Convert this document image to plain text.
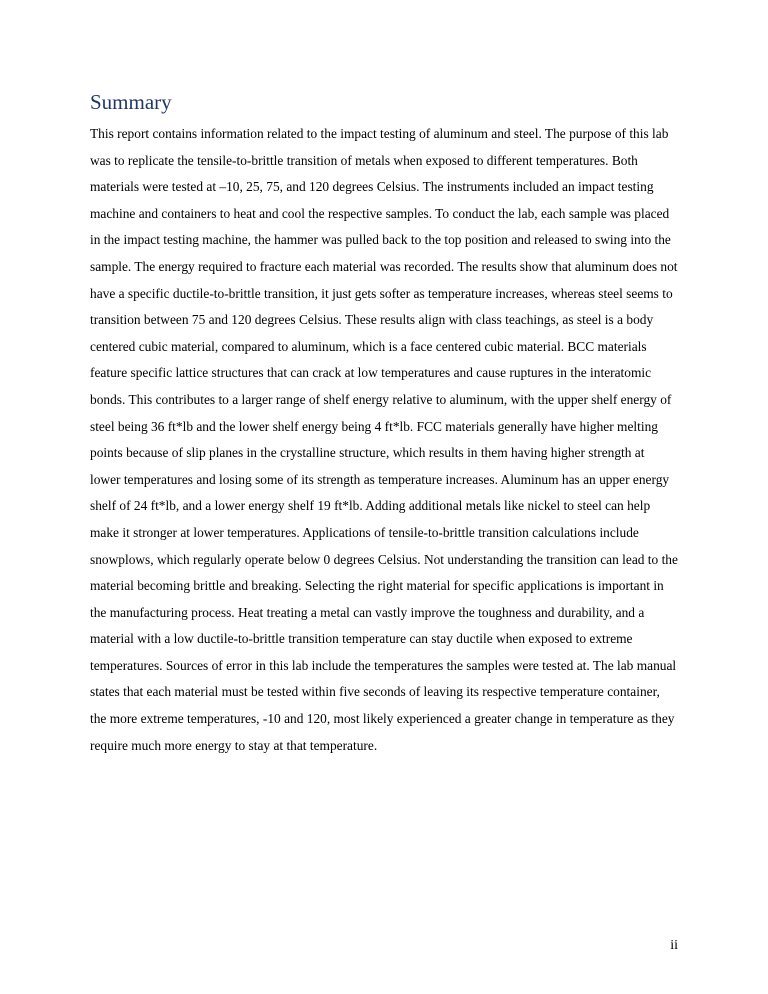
Summary

This report contains information related to the impact testing of aluminum and steel. The purpose of this lab was to replicate the tensile-to-brittle transition of metals when exposed to different temperatures. Both materials were tested at –10, 25, 75, and 120 degrees Celsius. The instruments included an impact testing machine and containers to heat and cool the respective samples. To conduct the lab, each sample was placed in the impact testing machine, the hammer was pulled back to the top position and released to swing into the sample. The energy required to fracture each material was recorded. The results show that aluminum does not have a specific ductile-to-brittle transition, it just gets softer as temperature increases, whereas steel seems to transition between 75 and 120 degrees Celsius. These results align with class teachings, as steel is a body centered cubic material, compared to aluminum, which is a face centered cubic material. BCC materials feature specific lattice structures that can crack at low temperatures and cause ruptures in the interatomic bonds. This contributes to a larger range of shelf energy relative to aluminum, with the upper shelf energy of steel being 36 ft*lb and the lower shelf energy being 4 ft*lb. FCC materials generally have higher melting points because of slip planes in the crystalline structure, which results in them having higher strength at lower temperatures and losing some of its strength as temperature increases. Aluminum has an upper energy shelf of 24 ft*lb, and a lower energy shelf 19 ft*lb. Adding additional metals like nickel to steel can help make it stronger at lower temperatures. Applications of tensile-to-brittle transition calculations include snowplows, which regularly operate below 0 degrees Celsius. Not understanding the transition can lead to the material becoming brittle and breaking. Selecting the right material for specific applications is important in the manufacturing process. Heat treating a metal can vastly improve the toughness and durability, and a material with a low ductile-to-brittle transition temperature can stay ductile when exposed to extreme temperatures. Sources of error in this lab include the temperatures the samples were tested at. The lab manual states that each material must be tested within five seconds of leaving its respective temperature container, the more extreme temperatures, -10 and 120, most likely experienced a greater change in temperature as they require much more energy to stay at that temperature.

ii
